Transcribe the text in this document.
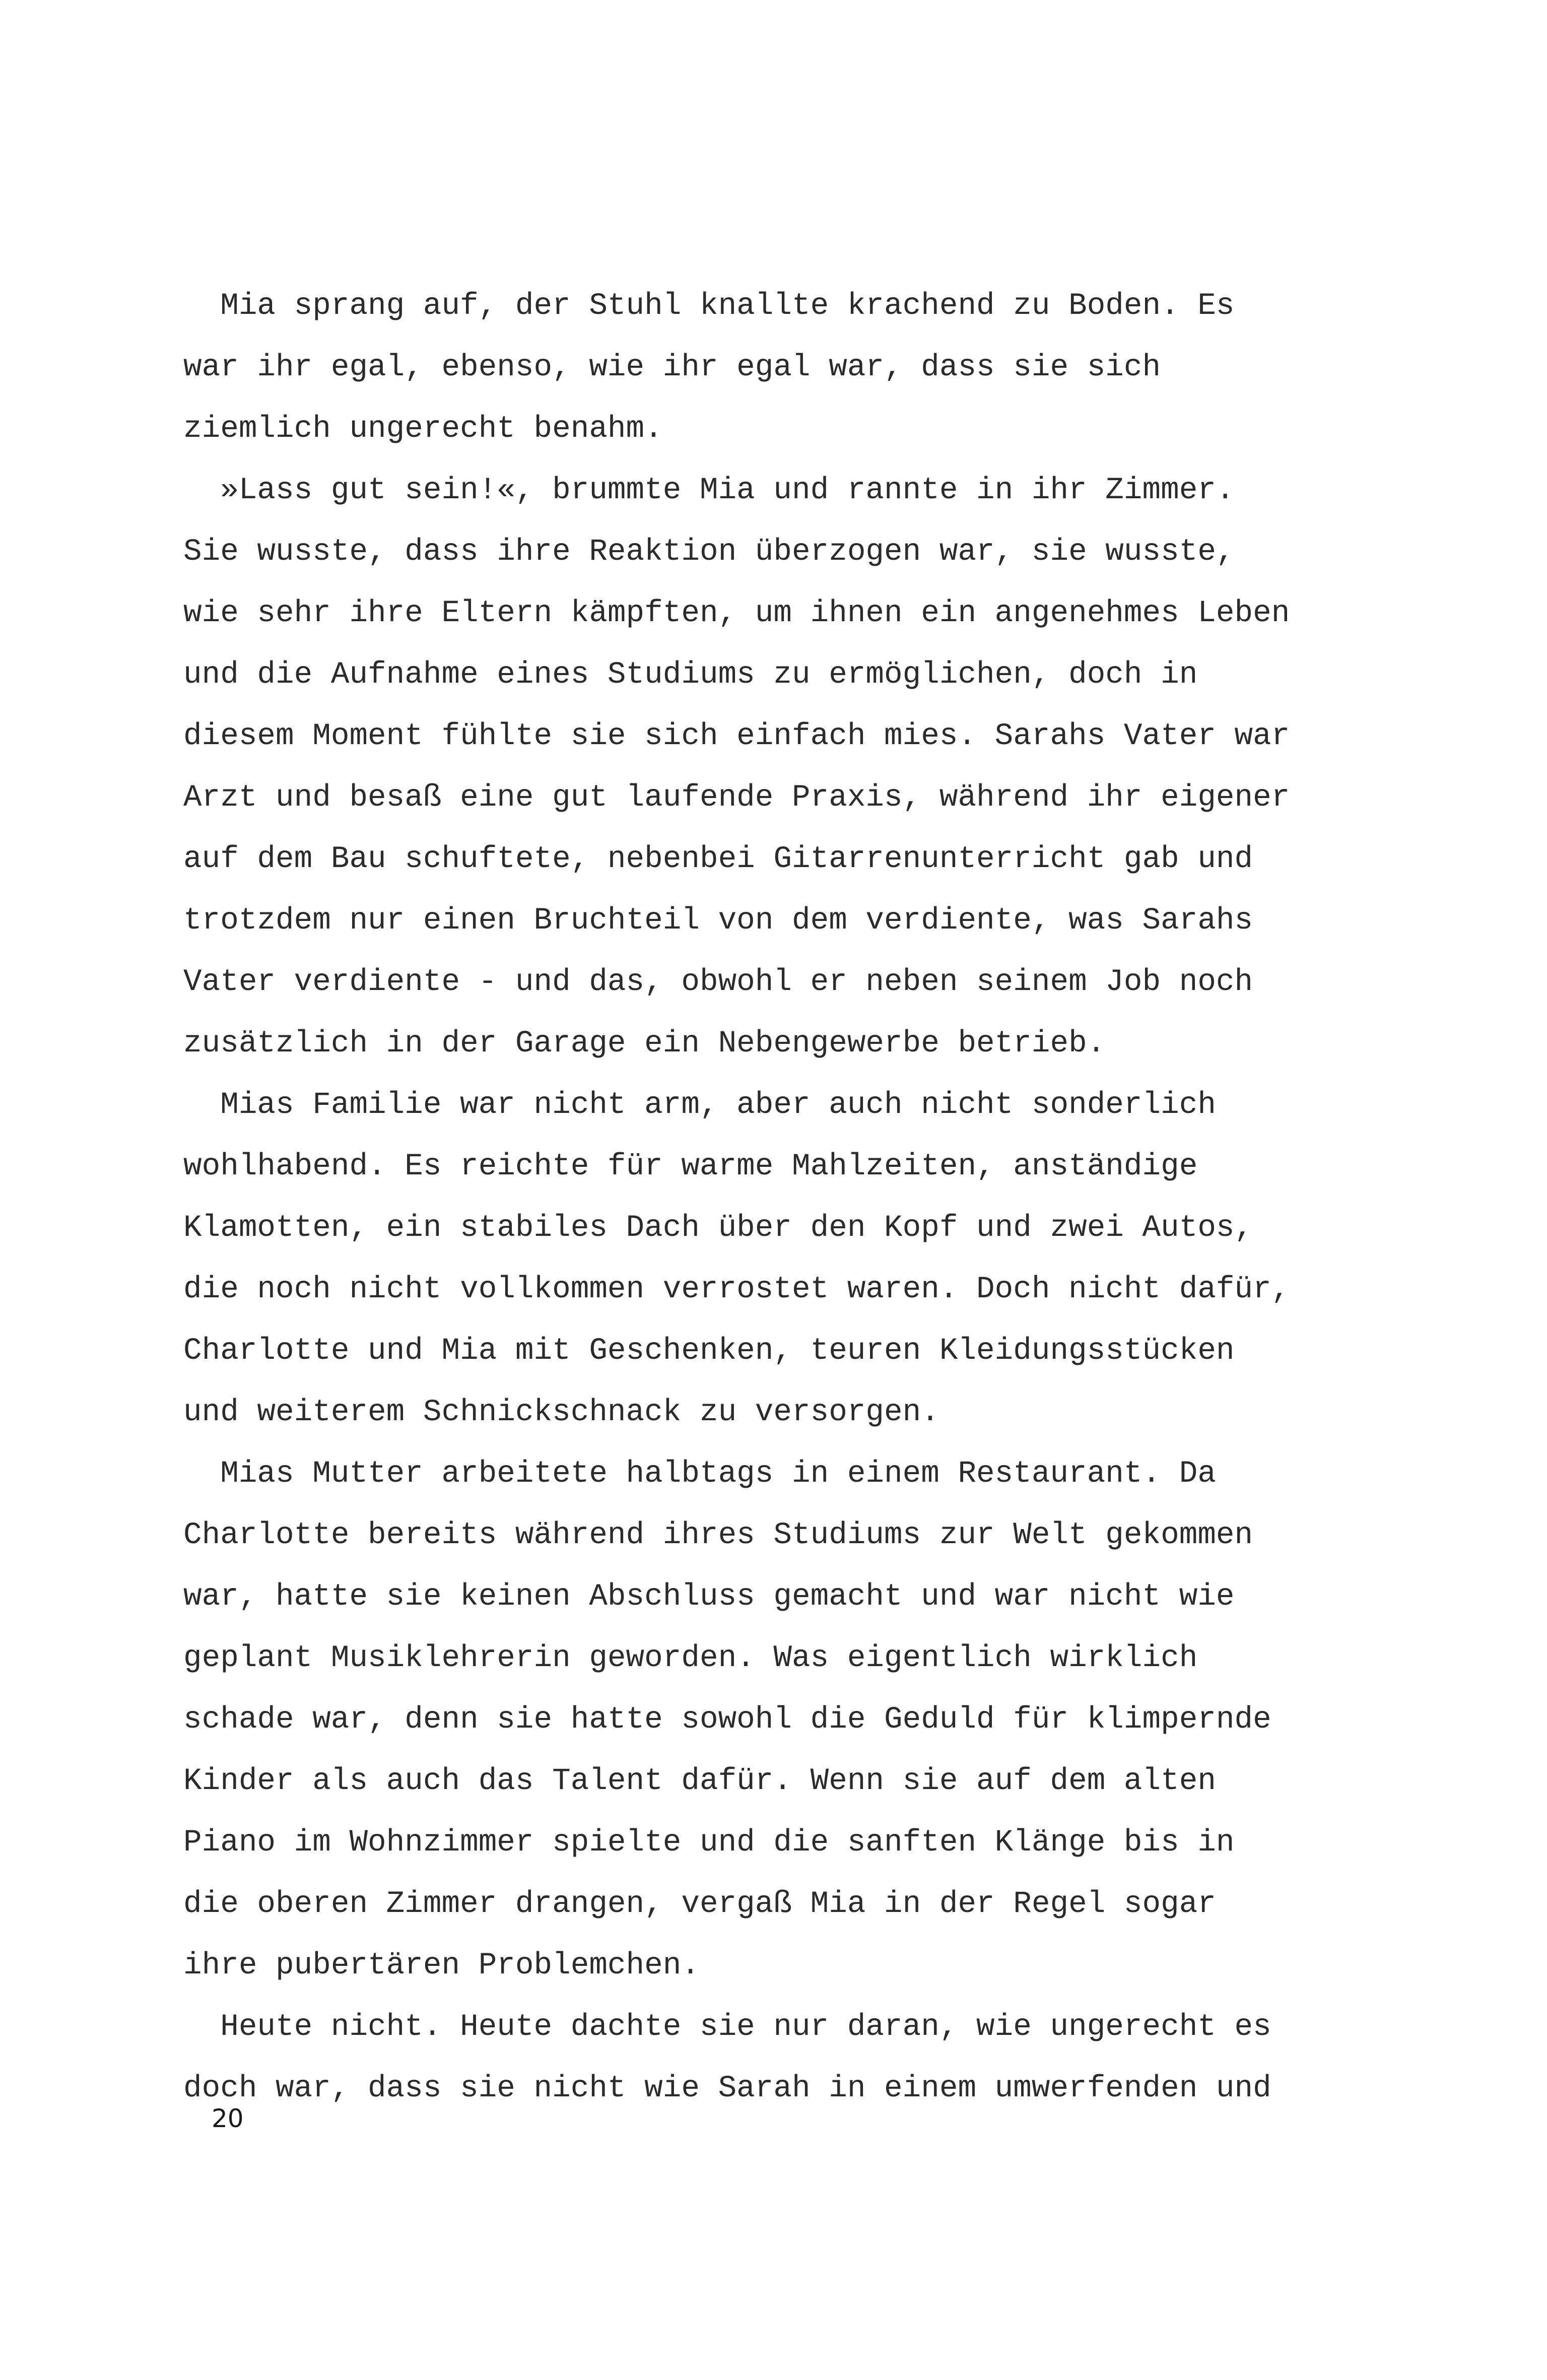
Mia sprang auf, der Stuhl knallte krachend zu Boden. Es
war ihr egal, ebenso, wie ihr egal war, dass sie sich
ziemlich ungerecht benahm.
»Lass gut sein!«, brummte Mia und rannte in ihr Zimmer.
Sie wusste, dass ihre Reaktion überzogen war, sie wusste,
wie sehr ihre Eltern kämpften, um ihnen ein angenehmes Leben
und die Aufnahme eines Studiums zu ermöglichen, doch in
diesem Moment fühlte sie sich einfach mies. Sarahs Vater war
Arzt und besaß eine gut laufende Praxis, während ihr eigener
auf dem Bau schuftete, nebenbei Gitarrenunterricht gab und
trotzdem nur einen Bruchteil von dem verdiente, was Sarahs
Vater verdiente - und das, obwohl er neben seinem Job noch
zusätzlich in der Garage ein Nebengewerbe betrieb.
Mias Familie war nicht arm, aber auch nicht sonderlich
wohlhabend. Es reichte für warme Mahlzeiten, anständige
Klamotten, ein stabiles Dach über den Kopf und zwei Autos,
die noch nicht vollkommen verrostet waren. Doch nicht dafür,
Charlotte und Mia mit Geschenken, teuren Kleidungsstücken
und weiterem Schnickschnack zu versorgen.
Mias Mutter arbeitete halbtags in einem Restaurant. Da
Charlotte bereits während ihres Studiums zur Welt gekommen
war, hatte sie keinen Abschluss gemacht und war nicht wie
geplant Musiklehrerin geworden. Was eigentlich wirklich
schade war, denn sie hatte sowohl die Geduld für klimpernde
Kinder als auch das Talent dafür. Wenn sie auf dem alten
Piano im Wohnzimmer spielte und die sanften Klänge bis in
die oberen Zimmer drangen, vergaß Mia in der Regel sogar
ihre pubertären Problemchen.
Heute nicht. Heute dachte sie nur daran, wie ungerecht es
doch war, dass sie nicht wie Sarah in einem umwerfenden und
20
